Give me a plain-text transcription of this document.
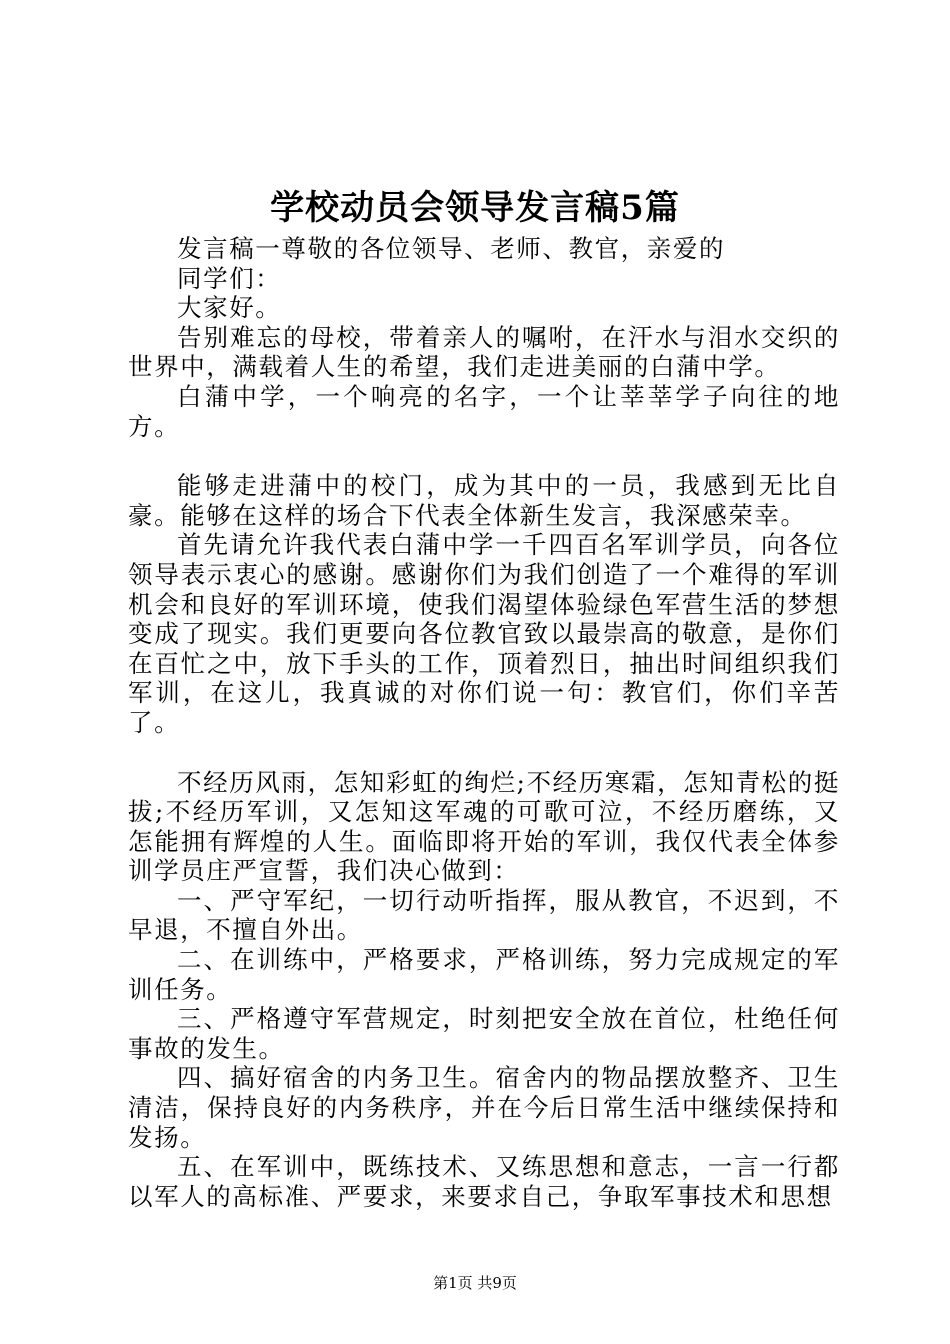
学校动员会领导发言稿5篇

发言稿一尊敬的各位领导、老师、教官，亲爱的

同学们：

大家好。

告别难忘的母校，带着亲人的嘱咐，在汗水与泪水交织的世界中，满载着人生的希望，我们走进美丽的白蒲中学。

白蒲中学，一个响亮的名字，一个让莘莘学子向往的地方。

能够走进蒲中的校门，成为其中的一员，我感到无比自豪。能够在这样的场合下代表全体新生发言，我深感荣幸。

首先请允许我代表白蒲中学一千四百名军训学员，向各位领导表示衷心的感谢。感谢你们为我们创造了一个难得的军训机会和良好的军训环境，使我们渴望体验绿色军营生活的梦想变成了现实。我们更要向各位教官致以最崇高的敬意，是你们在百忙之中，放下手头的工作，顶着烈日，抽出时间组织我们军训，在这儿，我真诚的对你们说一句：教官们，你们辛苦了。

不经历风雨，怎知彩虹的绚烂;不经历寒霜，怎知青松的挺拔;不经历军训，又怎知这军魂的可歌可泣，不经历磨练，又怎能拥有辉煌的人生。面临即将开始的军训，我仅代表全体参训学员庄严宣誓，我们决心做到：

一、严守军纪，一切行动听指挥，服从教官，不迟到，不早退，不擅自外出。

二、在训练中，严格要求，严格训练，努力完成规定的军训任务。

三、严格遵守军营规定，时刻把安全放在首位，杜绝任何事故的发生。

四、搞好宿舍的内务卫生。宿舍内的物品摆放整齐、卫生清洁，保持良好的内务秩序，并在今后日常生活中继续保持和发扬。

五、在军训中，既练技术、又练思想和意志，一言一行都以军人的高标准、严要求，来要求自己，争取军事技术和思想

第1页 共9页
